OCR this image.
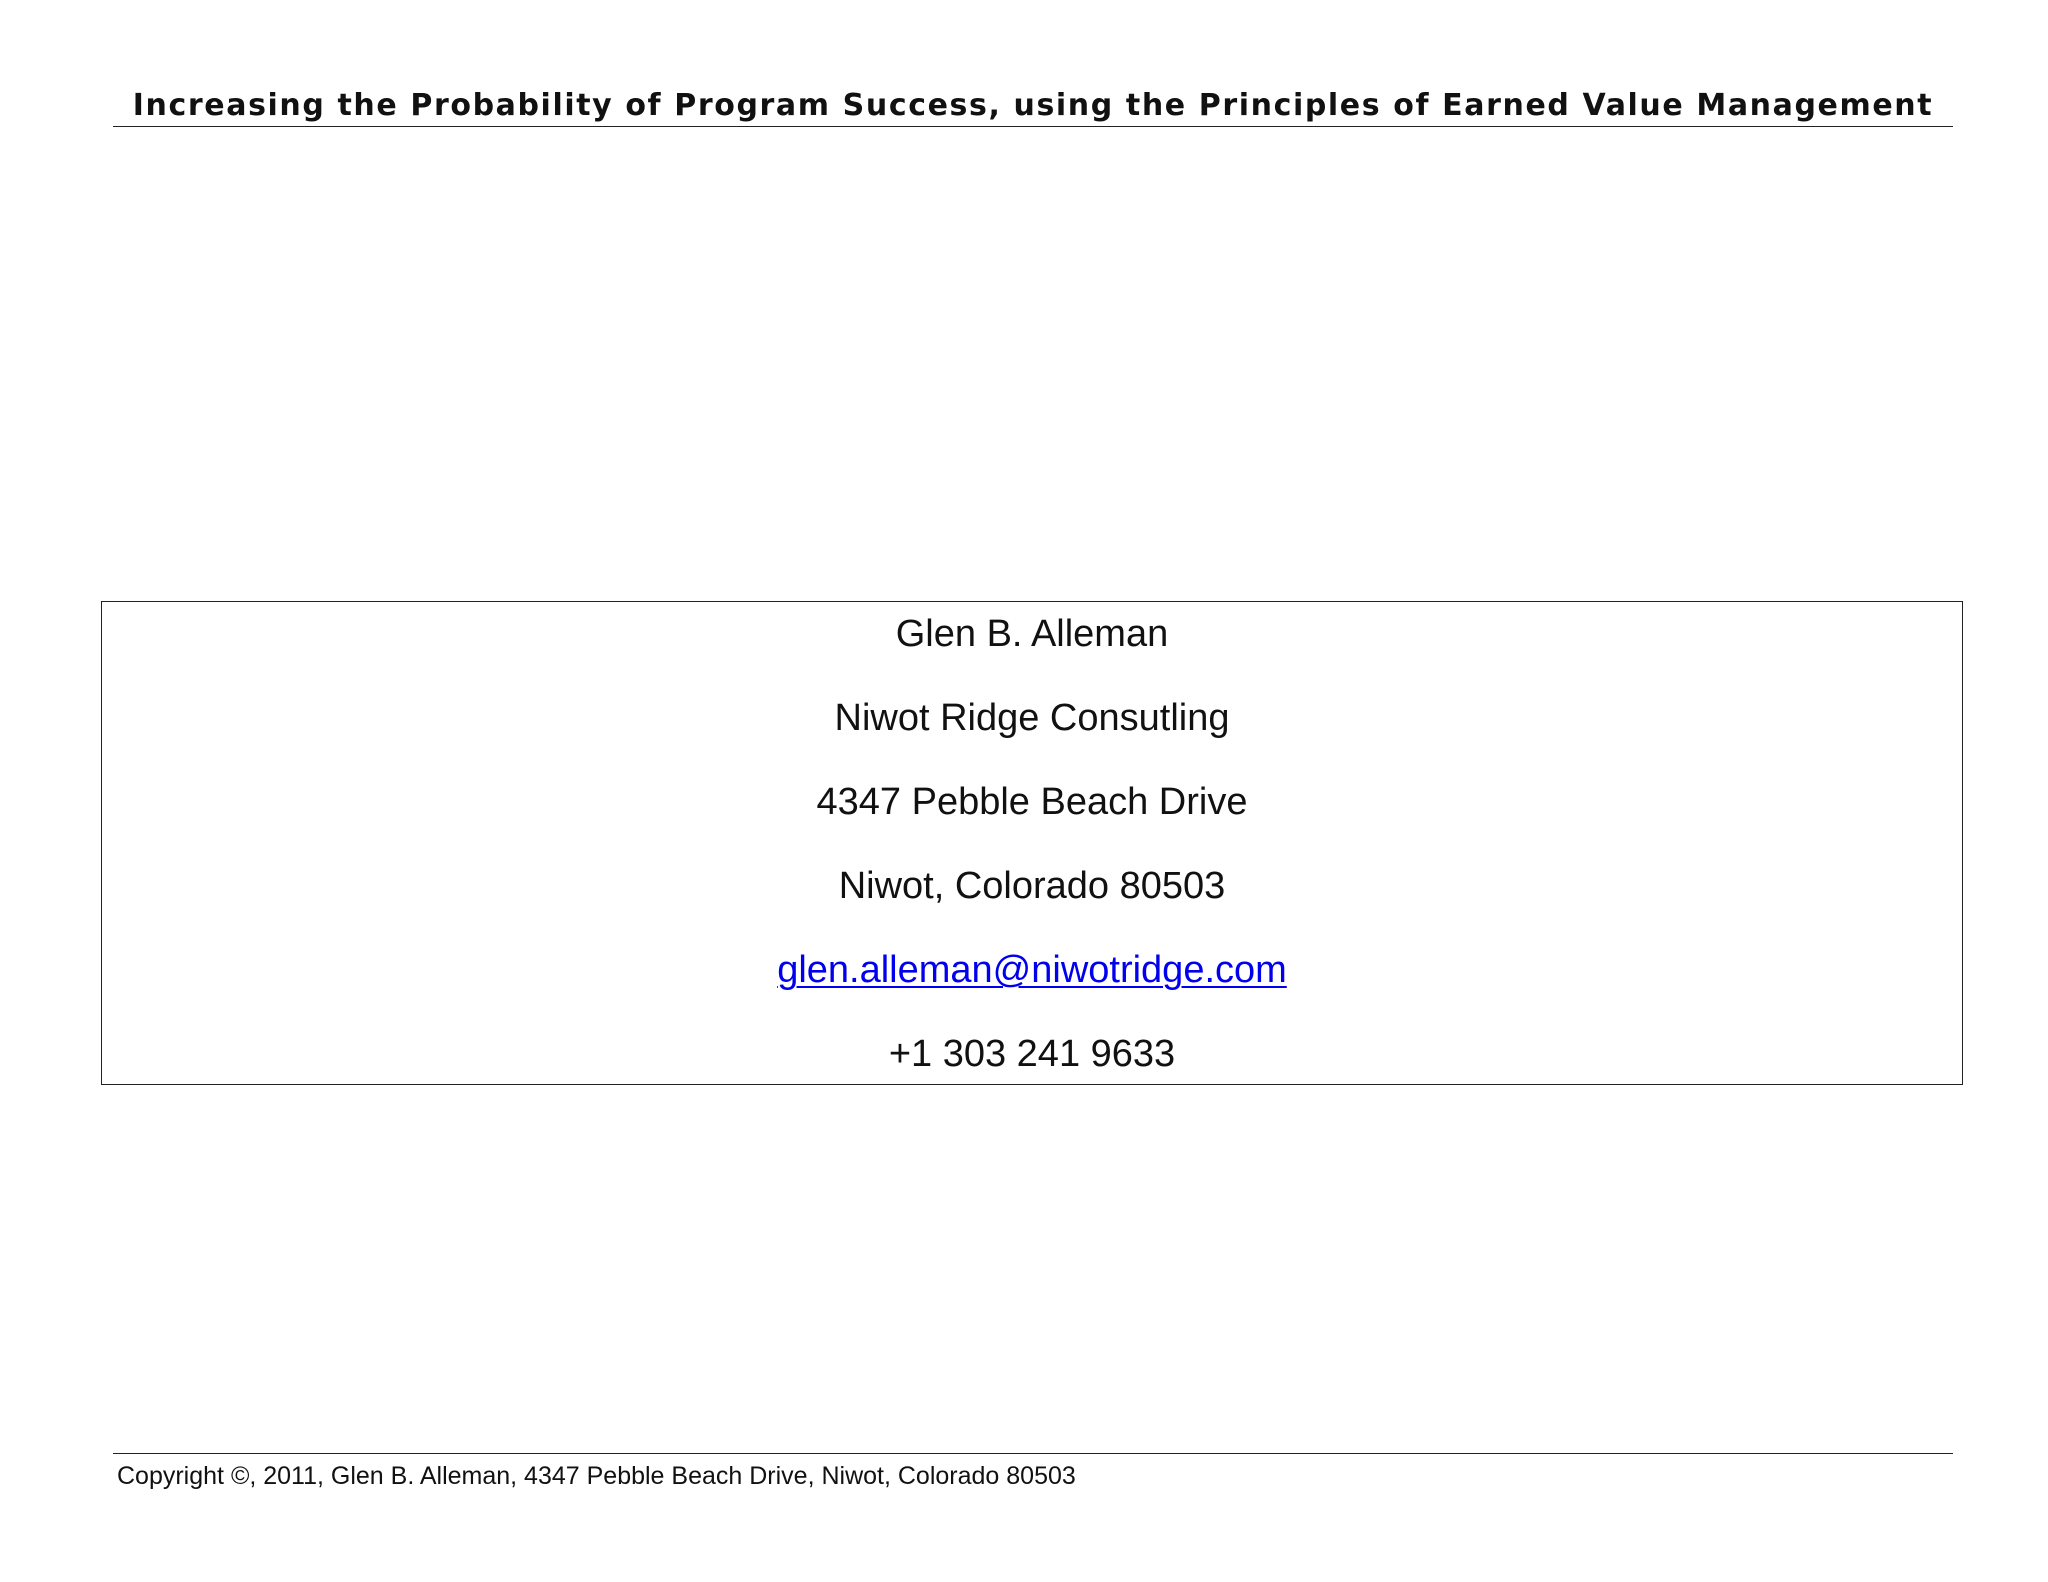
Increasing the Probability of Program Success, using the Principles of Earned Value Management
Glen B. Alleman
Niwot Ridge Consutling
4347 Pebble Beach Drive
Niwot, Colorado 80503
glen.alleman@niwotridge.com
+1 303 241 9633
Copyright ©, 2011, Glen B. Alleman, 4347 Pebble Beach Drive, Niwot, Colorado 80503
